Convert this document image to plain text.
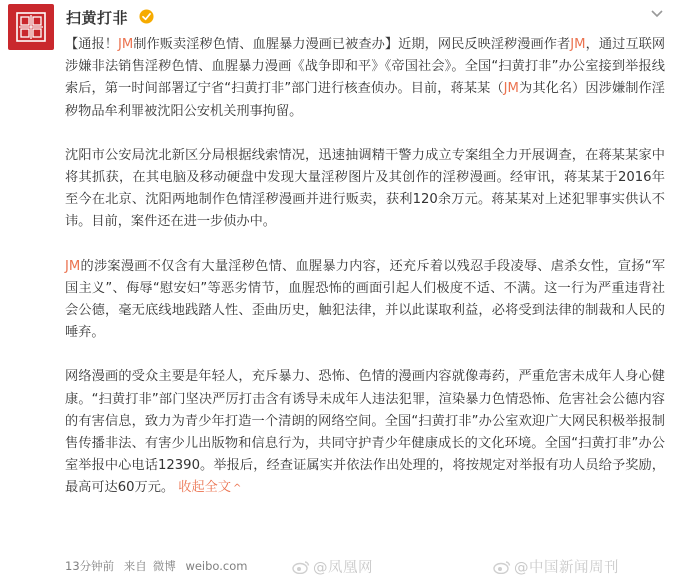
扫黄打非

【通报！JM制作贩卖淫秽色情、血腥暴力漫画已被查办】近期，网民反映淫秽漫画作者JM，通过互联网涉嫌非法销售淫秽色情、血腥暴力漫画《战争即和平》《帝国社会》。全国“扫黄打非”办公室接到举报线索后，第一时间部署辽宁省“扫黄打非”部门进行核查侦办。目前，蒋某某（JM为其化名）因涉嫌制作淫秽物品牟利罪被沈阳公安机关刑事拘留。

沈阳市公安局沈北新区分局根据线索情况，迅速抽调精干警力成立专案组全力开展调查，在蒋某某家中将其抓获，在其电脑及移动硬盘中发现大量淫秽图片及其创作的淫秽漫画。经审讯，蒋某某于2016年至今在北京、沈阳两地制作色情淫秽漫画并进行贩卖，获利120余万元。蒋某某对上述犯罪事实供认不讳。目前，案件还在进一步侦办中。

JM的涉案漫画不仅含有大量淫秽色情、血腥暴力内容，还充斥着以残忍手段凌辱、虐杀女性，宣扬“军国主义”、侮辱“慰安妇”等恶劣情节，血腥恐怖的画面引起人们极度不适、不满。这一行为严重违背社会公德，毫无底线地践踏人性、歪曲历史，触犯法律，并以此谋取利益，必将受到法律的制裁和人民的唾弃。

网络漫画的受众主要是年轻人，充斥暴力、恐怖、色情的漫画内容就像毒药，严重危害未成年人身心健康。“扫黄打非”部门坚决严厉打击含有诱导未成年人违法犯罪，渲染暴力色情恐怖、危害社会公德内容的有害信息，致力为青少年打造一个清朗的网络空间。全国“扫黄打非”办公室欢迎广大网民积极举报制售传播非法、有害少儿出版物和信息行为，共同守护青少年健康成长的文化环境。全国“扫黄打非”办公室举报中心电话12390。举报后，经查证属实并依法作出处理的，将按规定对举报有功人员给予奖励，最高可达60万元。 收起全文 ^

13分钟前 来自 微博 weibo.com	@凤凰网	@中国新闻周刊
